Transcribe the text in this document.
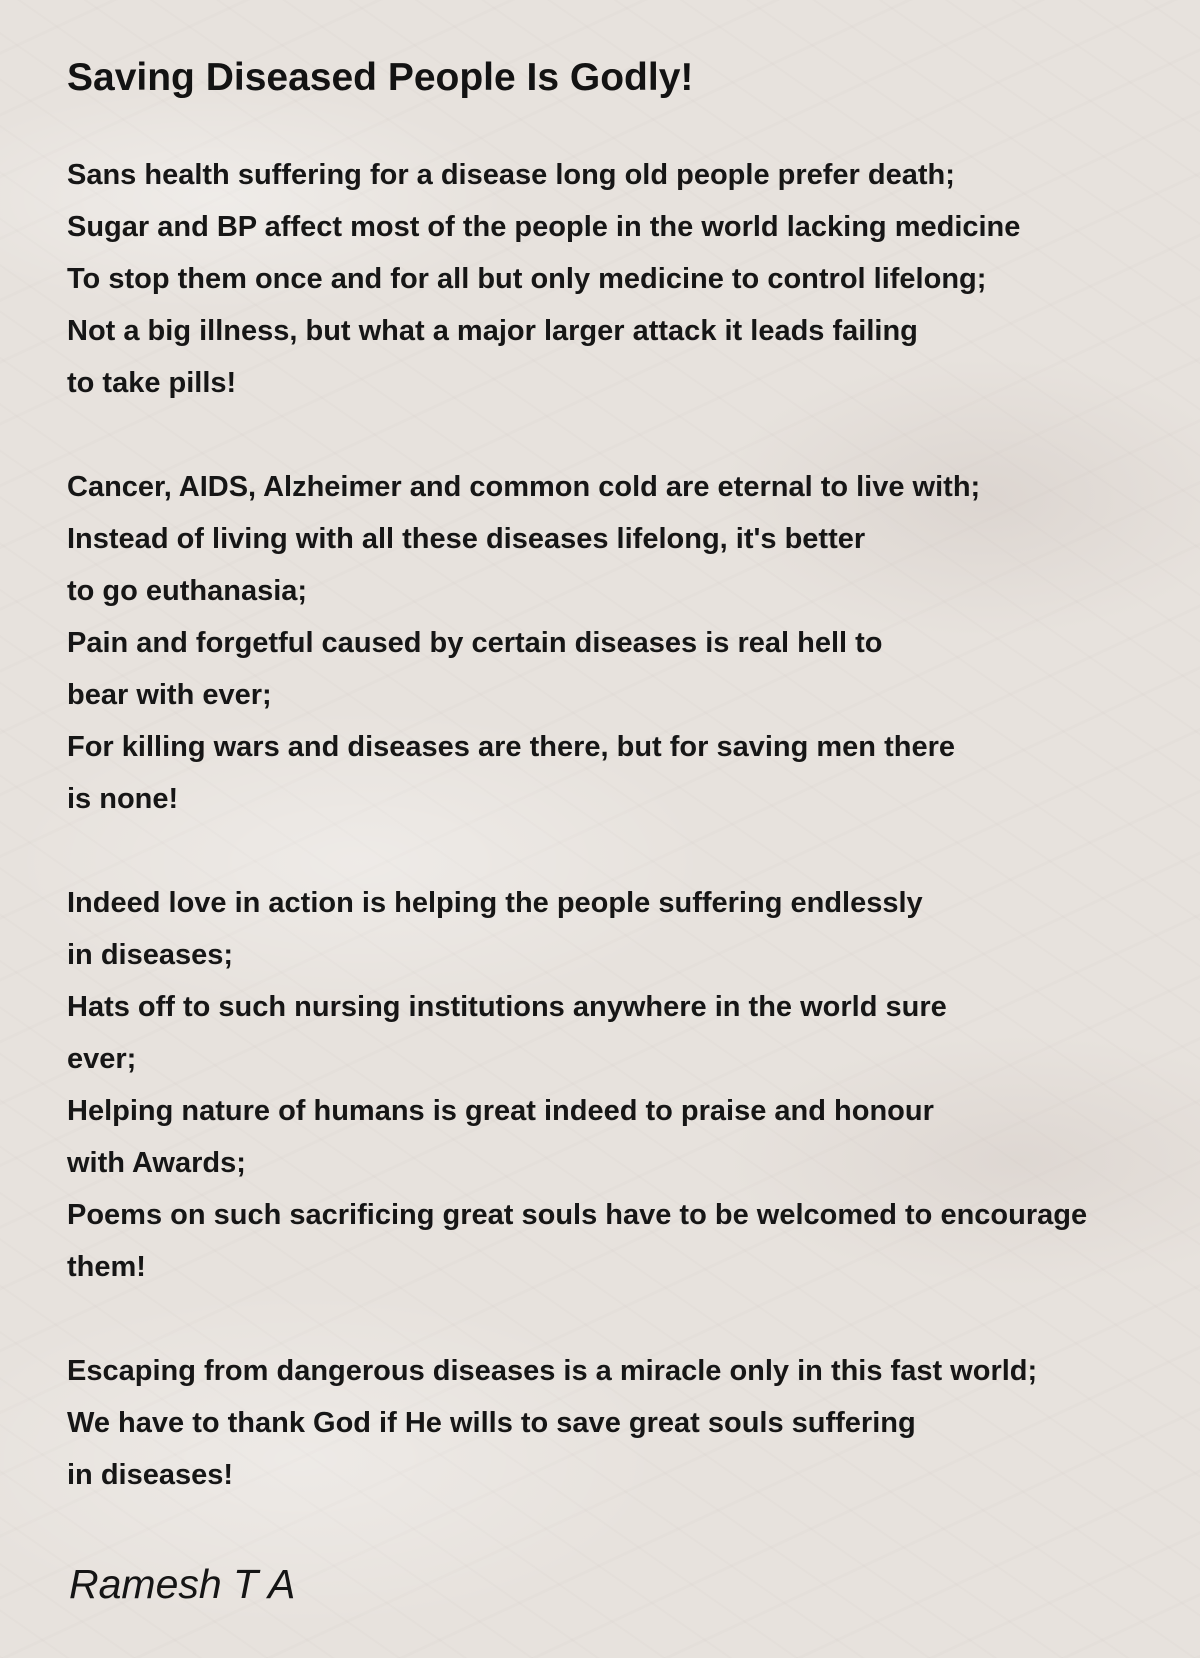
Saving Diseased People Is Godly!
Sans health suffering for a disease long old people prefer death;
Sugar and BP affect most of the people in the world lacking medicine
To stop them once and for all but only medicine to control lifelong;
Not a big illness, but what a major larger attack it leads failing
to take pills!
Cancer, AIDS, Alzheimer and common cold are eternal to live with;
Instead of living with all these diseases lifelong, it's better
to go euthanasia;
Pain and forgetful caused by certain diseases is real hell to
bear with ever;
For killing wars and diseases are there, but for saving men there
is none!
Indeed love in action is helping the people suffering endlessly
in diseases;
Hats off to such nursing institutions anywhere in the world sure
ever;
Helping nature of humans is great indeed to praise and honour
with Awards;
Poems on such sacrificing great souls have to be welcomed to encourage
them!
Escaping from dangerous diseases is a miracle only in this fast world;
We have to thank God if He wills to save great souls suffering
in diseases!
Ramesh T A
